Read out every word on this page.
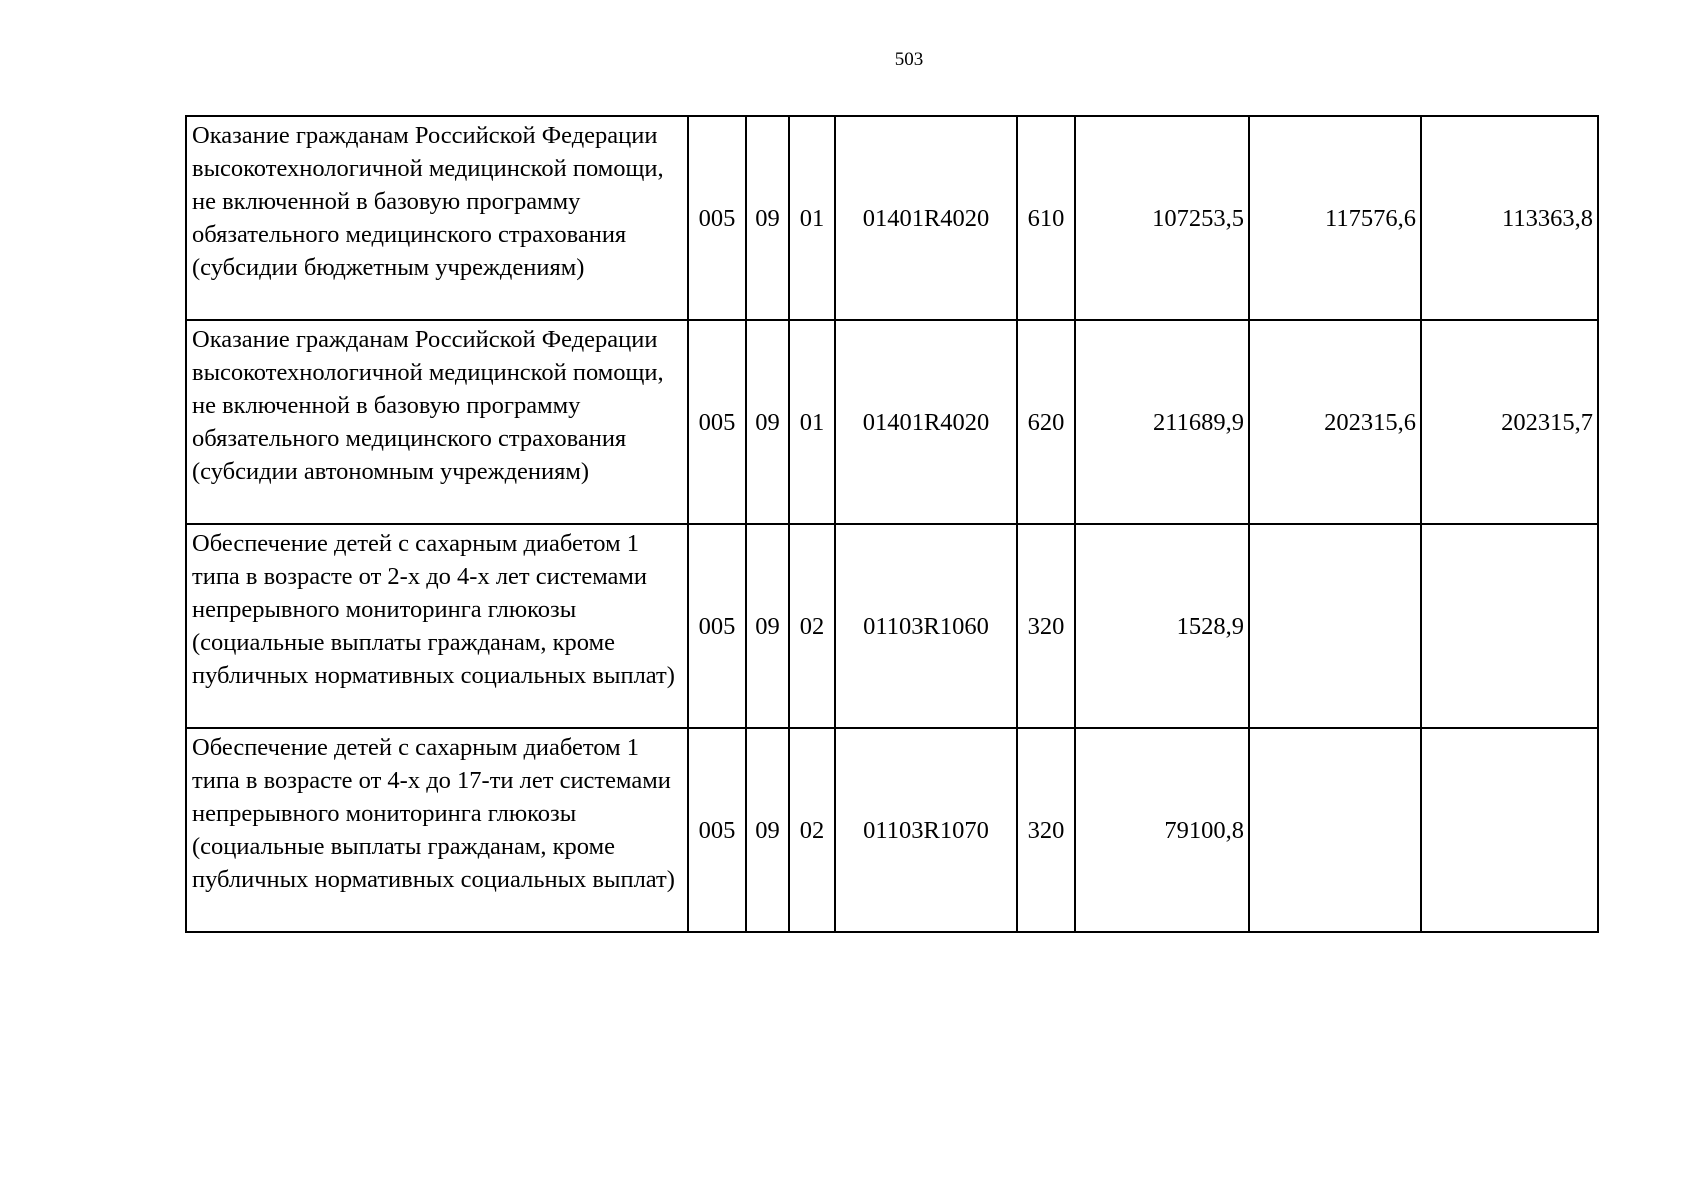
503
Оказание гражданам Российской Федерации высокотехнологичной медицинской помощи, не включенной в базовую программу обязательного медицинского страхования (субсидии бюджетным учреждениям)	005	09	01	01401R4020	610	107253,5	117576,6	113363,8
Оказание гражданам Российской Федерации высокотехнологичной медицинской помощи, не включенной в базовую программу обязательного медицинского страхования (субсидии автономным учреждениям)	005	09	01	01401R4020	620	211689,9	202315,6	202315,7
Обеспечение детей с сахарным диабетом 1 типа в возрасте от 2-х до 4-х лет системами непрерывного мониторинга глюкозы (социальные выплаты гражданам, кроме публичных нормативных социальных выплат)	005	09	02	01103R1060	320	1528,9		
Обеспечение детей с сахарным диабетом 1 типа в возрасте от 4-х до 17-ти лет системами непрерывного мониторинга глюкозы (социальные выплаты гражданам, кроме публичных нормативных социальных выплат)	005	09	02	01103R1070	320	79100,8		
